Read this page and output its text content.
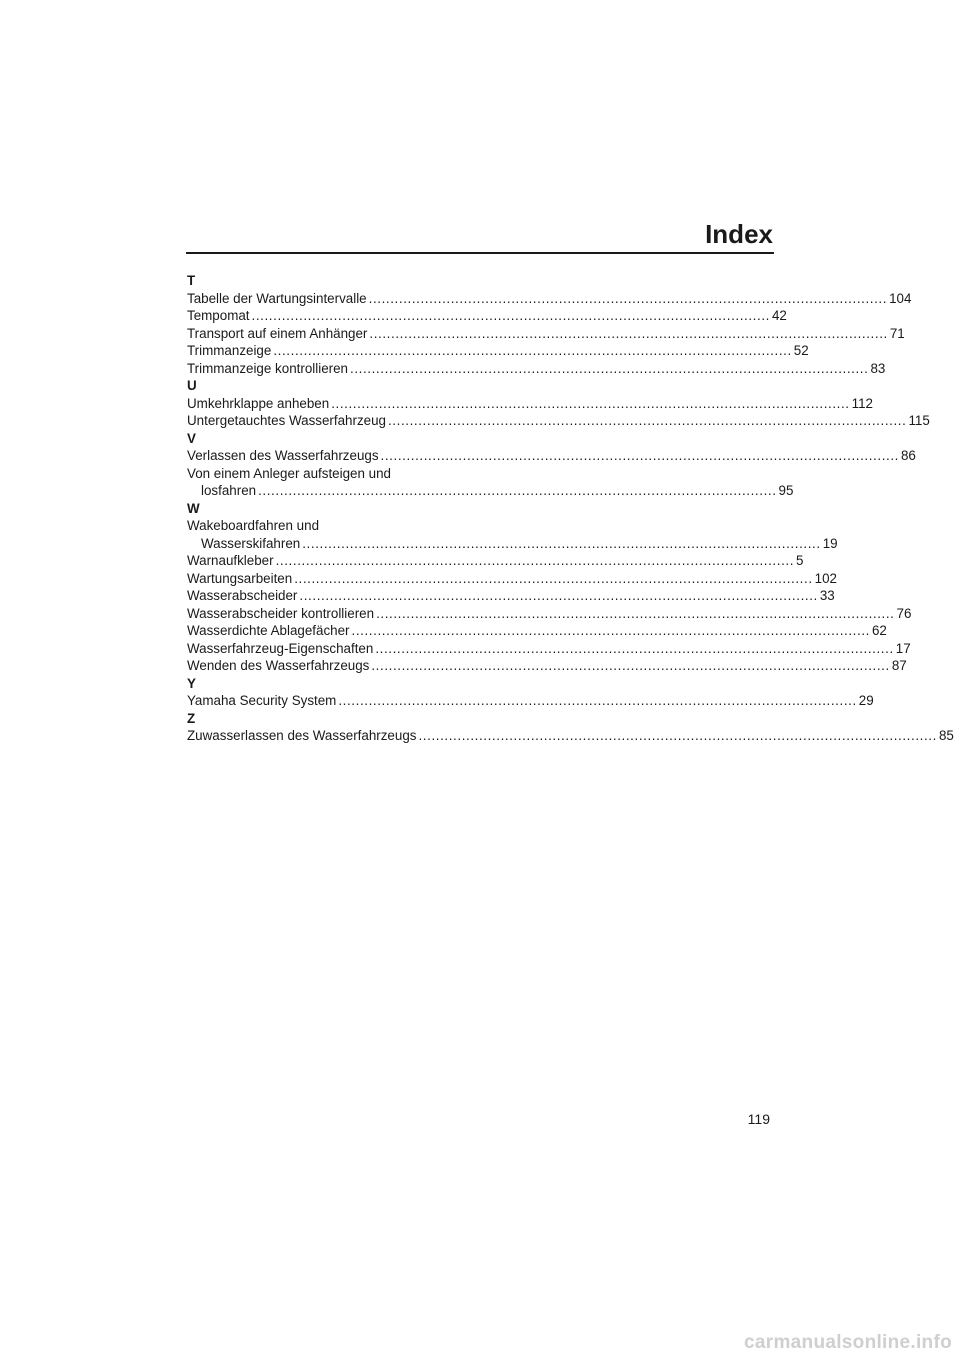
Index
T
Tabelle der Wartungsintervalle ........................................................................................................................ 104
Tempomat ........................................................................................................................ 42
Transport auf einem Anhänger ........................................................................................................................ 71
Trimmanzeige ........................................................................................................................ 52
Trimmanzeige kontrollieren ........................................................................................................................ 83
U
Umkehrklappe anheben ........................................................................................................................ 112
Untergetauchtes Wasserfahrzeug ........................................................................................................................ 115
V
Verlassen des Wasserfahrzeugs ........................................................................................................................ 86
Von einem Anleger aufsteigen und
losfahren ........................................................................................................................ 95
W
Wakeboardfahren und
Wasserskifahren ........................................................................................................................ 19
Warnaufkleber ........................................................................................................................ 5
Wartungsarbeiten ........................................................................................................................ 102
Wasserabscheider ........................................................................................................................ 33
Wasserabscheider kontrollieren ........................................................................................................................ 76
Wasserdichte Ablagefächer ........................................................................................................................ 62
Wasserfahrzeug-Eigenschaften ........................................................................................................................ 17
Wenden des Wasserfahrzeugs ........................................................................................................................ 87
Y
Yamaha Security System ........................................................................................................................ 29
Z
Zuwasserlassen des Wasserfahrzeugs ........................................................................................................................ 85
119
carmanualsonline.info
